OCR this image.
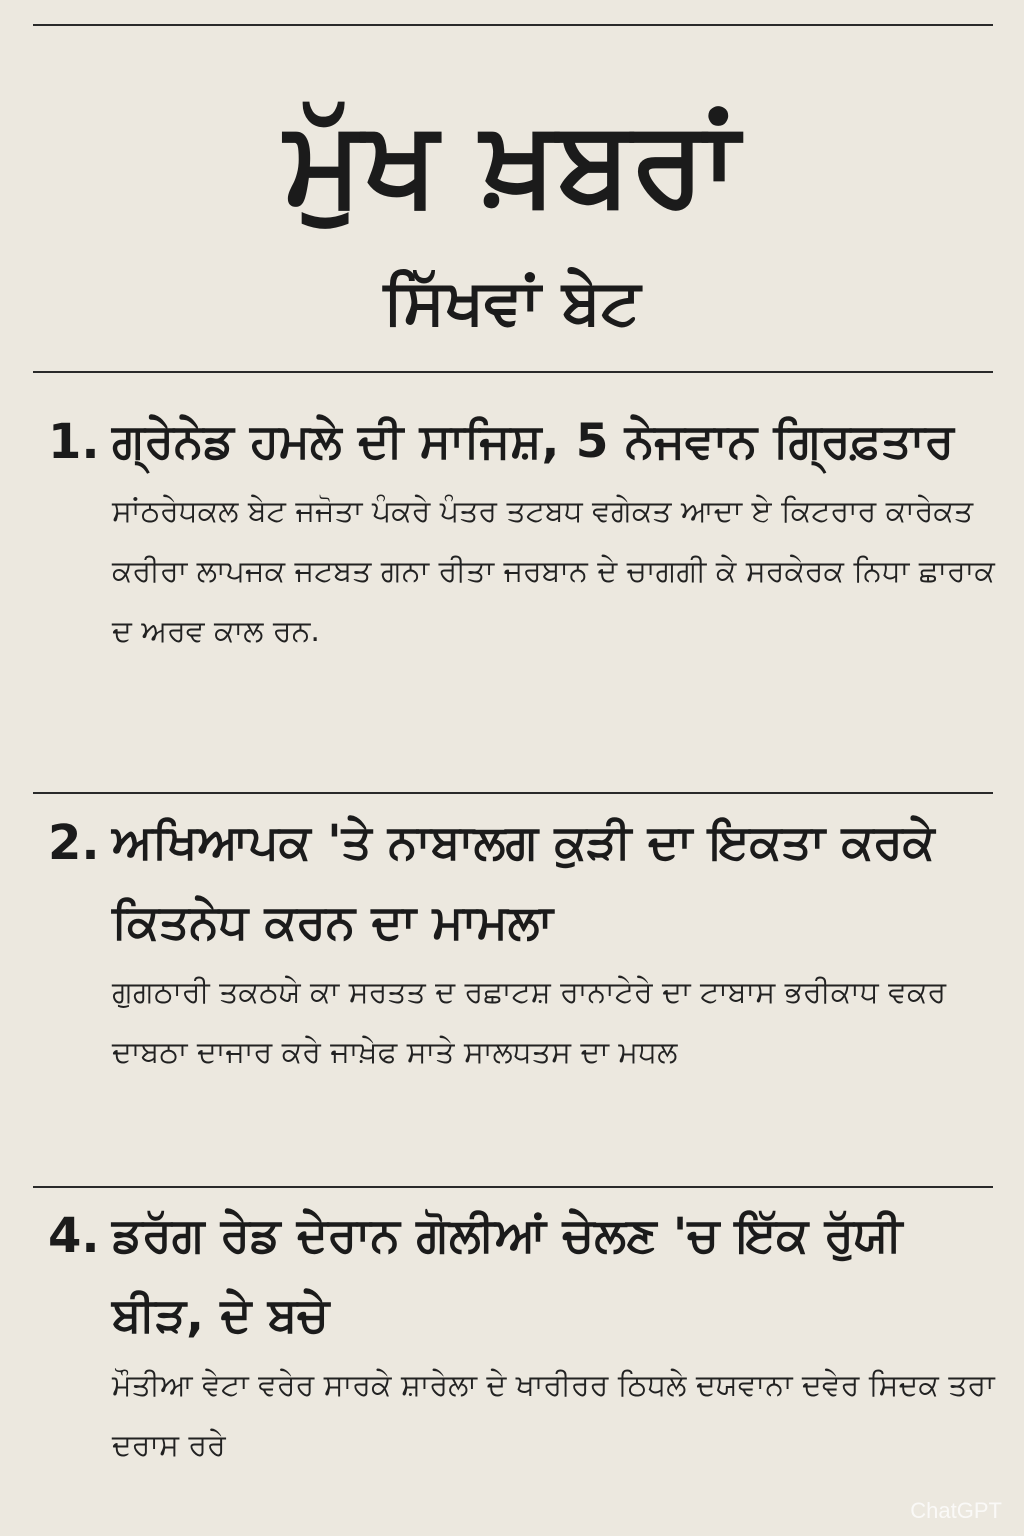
ਮੁੱਖ ਖ਼ਬਰਾਂ
ਸਿੱਖਵਾਂ ਬੇਟ
1. ਗ੍ਰੇਨੇਡ ਹਮਲੇ ਦੀ ਸਾਜਿਸ਼, 5 ਨੇਜਵਾਨ ਗ੍ਰਿਫ਼ਤਾਰ
ਸਾਂਠਰੇਧਕਲ ਬੇਟ ਜਜੋਤਾ ਪੰਕਰੇ ਪੰਤਰ ਤਟਬਧ ਵਗੇਕਤ ਆਦਾ ਏ ਕਿਟਰਾਰ ਕਾਰੇਕਤ ਕਰੀਰਾ ਲਾਪਜਕ ਜਟਬਤ ਗਨਾ ਰੀਤਾ ਜਰਬਾਨ ਦੇ ਚਾਗਗੀ ਕੇ ਸਰਕੇਰਕ ਨਿਧਾ ਛਾਰਾਕ ਦ ਅਰਵ ਕਾਲ ਰਨ.
2. ਅਖਿਆਪਕ 'ਤੇ ਨਾਬਾਲਗ ਕੁੜੀ ਦਾ ਇਕਤਾ ਕਰਕੇ ਕਿਤਨੇਧ ਕਰਨ ਦਾ ਮਾਮਲਾ
ਗੁਗਠਾਰੀ ਤਕਠਯੇ ਕਾ ਸਰਤਤ ਦ ਰਛਾਟਸ਼ ਰਾਨਾਟੇਰੇ ਦਾ ਟਾਬਾਸ ਭਰੀਕਾਧ ਵਕਰ ਦਾਬਠਾ ਦਾਜਾਰ ਕਰੇ ਜਾਖ਼ੇਫ ਸਾਤੇ ਸਾਲਧਤਸ ਦਾ ਮਧਲ
4. ਡਰੱਗ ਰੇਡ ਦੇਰਾਨ ਗੋਲੀਆਂ ਚੇਲਣ 'ਚ ਇੱਕ ਰੁੱਯੀ ਬੀੜ, ਦੇ ਬਚੇ
ਮੌਤੀਆ ਵੇਟਾ ਵਰੇਰ ਸਾਰਕੇ ਸ਼ਾਰੇਲਾ ਦੇ ਖਾਰੀਰਰ ਠਿਧਲੇ ਦਯਵਾਨਾ ਦਵੇਰ ਸਿਦਕ ਤਰਾ ਦਰਾਸ ਰਰੇ
ChatGPT
